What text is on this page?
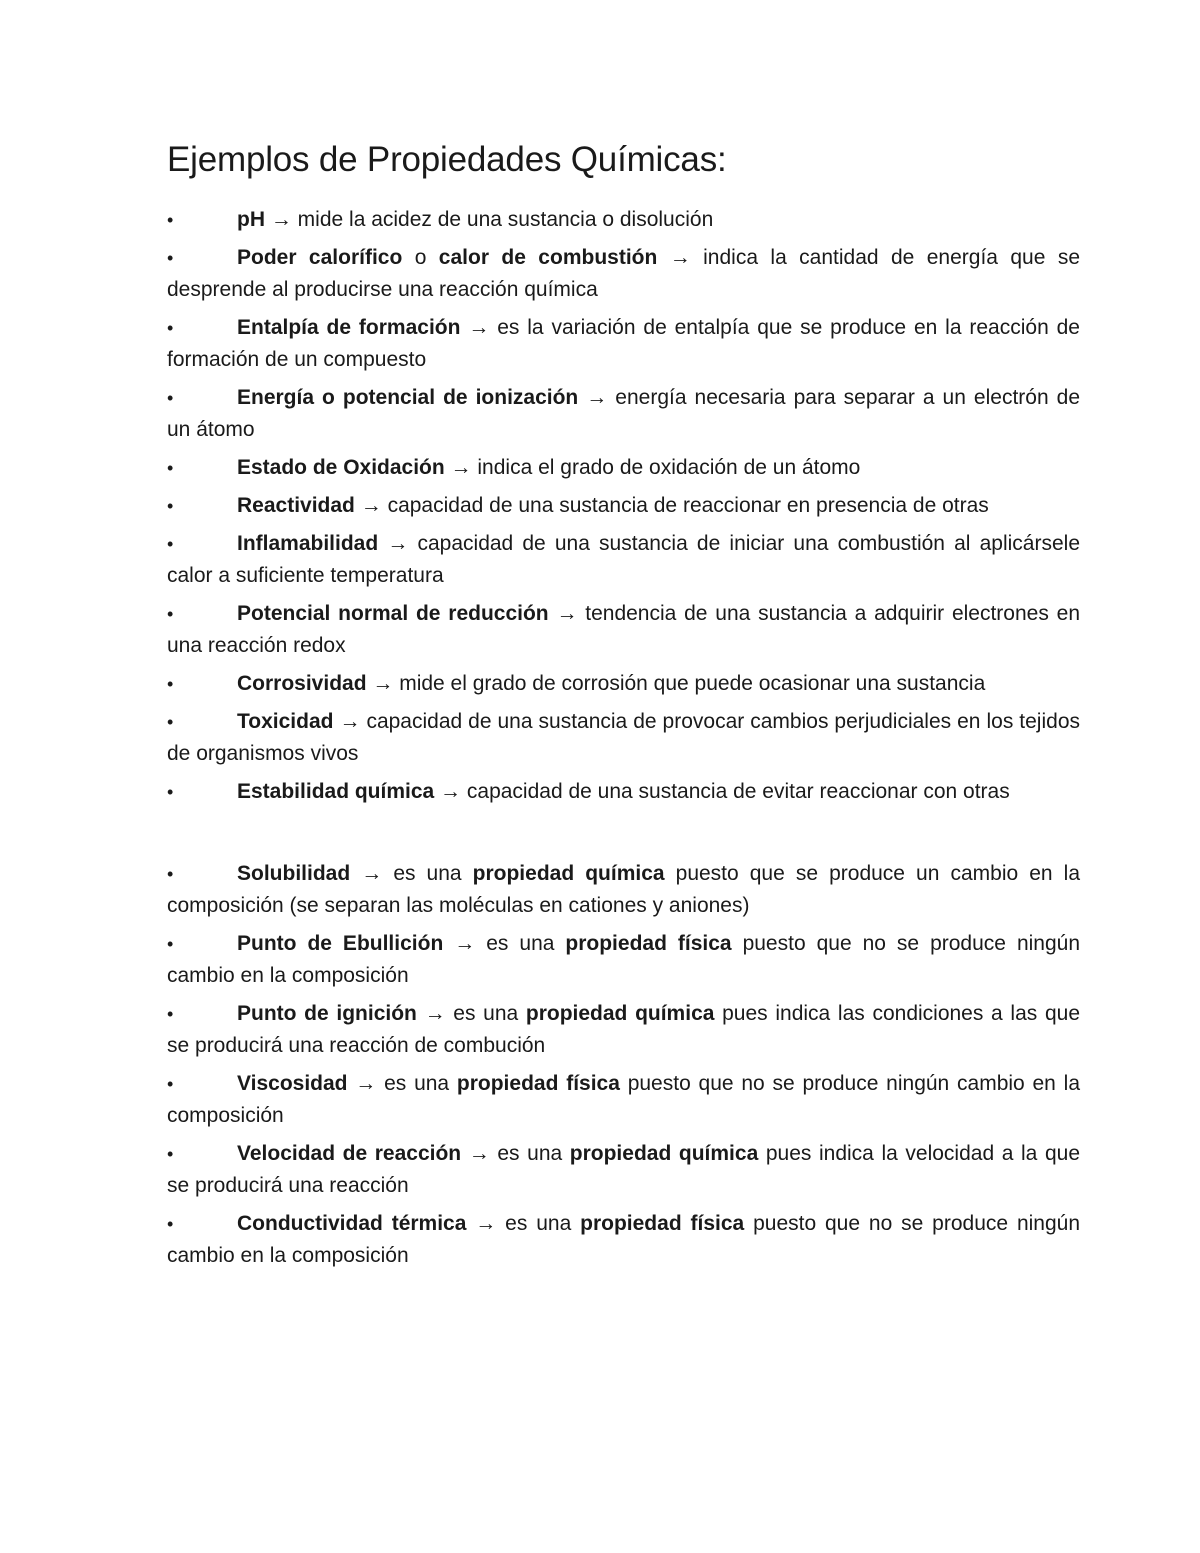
Ejemplos de Propiedades Químicas:
•	pH → mide la acidez de una sustancia o disolución
•	Poder calorífico o calor de combustión → indica la cantidad de energía que se desprende al producirse una reacción química
•	Entalpía de formación → es la variación de entalpía que se produce en la reacción de formación de un compuesto
•	Energía o potencial de ionización → energía necesaria para separar a un electrón de un átomo
•	Estado de Oxidación → indica el grado de oxidación de un átomo
•	Reactividad → capacidad de una sustancia de reaccionar en presencia de otras
•	Inflamabilidad → capacidad de una sustancia de iniciar una combustión al aplicársele calor a suficiente temperatura
•	Potencial normal de reducción → tendencia de una sustancia a adquirir electrones en una reacción redox
•	Corrosividad → mide el grado de corrosión que puede ocasionar una sustancia
•	Toxicidad → capacidad de una sustancia de provocar cambios perjudiciales en los tejidos de organismos vivos
•	Estabilidad química → capacidad de una sustancia de evitar reaccionar con otras
•	Solubilidad → es una propiedad química puesto que se produce un cambio en la composición (se separan las moléculas en cationes y aniones)
•	Punto de Ebullición → es una propiedad física puesto que no se produce ningún cambio en la composición
•	Punto de ignición → es una propiedad química pues indica las condiciones a las que se producirá una reacción de combución
•	Viscosidad → es una propiedad física puesto que no se produce ningún cambio en la composición
•	Velocidad de reacción → es una propiedad química pues indica la velocidad a la que se producirá una reacción
•	Conductividad térmica → es una propiedad física puesto que no se produce ningún cambio en la composición
